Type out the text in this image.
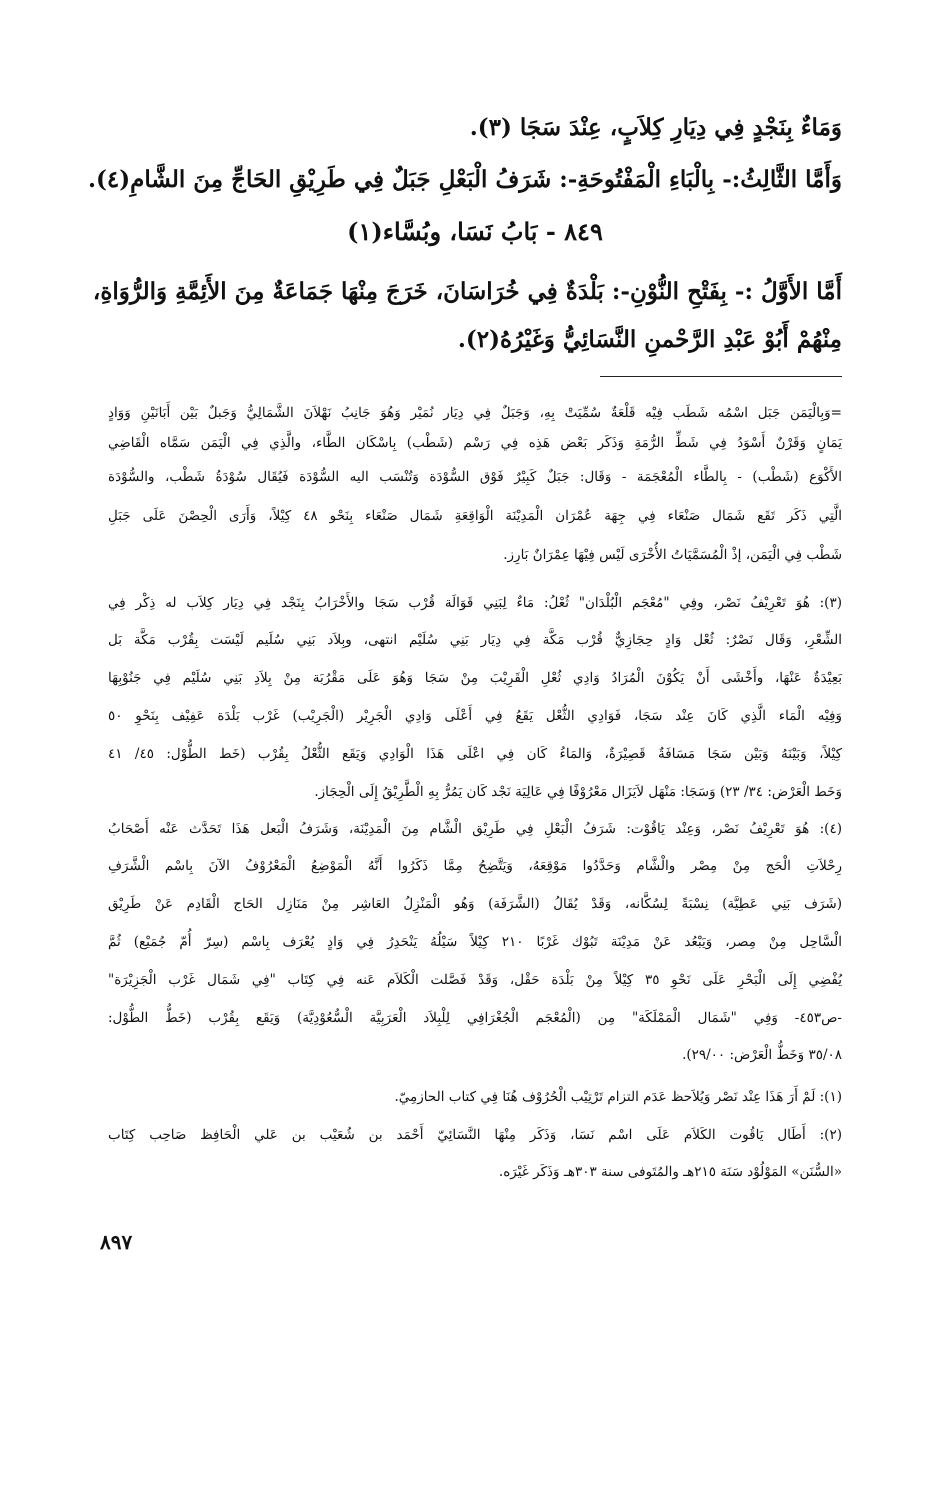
وَمَاءٌ بِنَجْدٍ فِي دِيَارِ كِلاَبٍ، عِنْدَ سَجَا (٣).
وَأَمَّا الثَّالِثُ:- بِالْبَاءِ الْمَفْتُوحَةِ-: شَرَفُ الْبَعْلِ جَبَلٌ فِي طَرِيْقِ الحَاجِّ مِنَ الشَّامِ(٤).
٨٤٩ - بَابُ نَسَا، وبُسَّاء(١)
أَمَّا الأَوَّلُ :- بِفَتْحِ النُّوْنِ-: بَلْدَةٌ فِي خُرَاسَانَ، خَرَجَ مِنْهَا جَمَاعَةٌ مِنَ الأَئِمَّةِ وَالرُّوَاةِ،
مِنْهُمْ أَبُوْ عَبْدِ الرَّحْمنِ النَّسَائِيُّ وَغَيْرُهُ(٢).
=وَبِالْيَمَن جَبَل اسْمُه شَطَب فِيْه قَلْعَةٌ سُمِّيَتْ بِهِ، وَجَبَلٌ فِي دِيَار نُمَيْر وَهُوَ جَانِبُ نَهْلاَنَ الشَّمَالِيُّ وَجَبلٌ بَيْن أَبَانَيْنِ وَوَادٍ
يَمَانٍ وَقَرْنٌ أَسْوَدُ فِي شَطِّ الرُّمَةِ وَذَكَر بَعْض هَذِه فِي رَسْم (شَطْب) بِاسْكَان الطَّاء، والَّذِي فِي الْيَمَن سَمَّاه الْقَاضِي
الأَكْوَع (شَطْب) - بِالطَّاء الْمُعْجَمَة - وَقَال: جَبَلٌ كَبِيْرٌ فَوْق السُّوْدَة وَتُنْسَب اليه السُّوْدَة فَيُقَال سُوْدَةُ شَطْب، والسُّوْدَة
الَّتِي ذَكَر تَقَع شَمَال صَنْعَاء فِي جِهَة عُمْرَان الْمَدِيْنَة الْوَاقِعَةِ شَمَال صَنْعَاء بِنَحْو ٤٨ كِيْلاً، وَأَرَى الْحِصْنَ عَلَى جَبَلِ
شَطْب فِي الْيَمَن، إذْ الْمُسَمَّيَاتُ الأُخْرَى لَيْس فِيْهَا عِمْرَانٌ بَارِز.
(٣): هُوَ تَعْرِيْفُ نَصْر، وفِي "مُعْجَم الْبُلْدَان" ثُعْلُ: مَاءٌ لِبَنِي قَوَالَة قُرْب سَجَا والأَخْرَابُ بِنَجْد فِي دِيَار كِلاَب له ذِكْر فِي
الشِّعْرِ، وَقَال نَصْرٌ: ثُعْل وَادٍ حِجَازِيٌّ قُرْب مَكَّة فِي دِيَار بَنِي سُلَيْم انتهى، وبِلاَد بَنِي سُلَيم لَيْسَت بِقُرْب مَكَّة بَل
بَعِيْدَةٌ عَنْهَا، وأَخْشَى أَنْ يَكُوْنَ الْمُرَادُ وَادِي ثُعْلِ الْقَرِيْبَ مِنْ سَجَا وَهُوَ عَلَى مَقْرُبَة مِنْ بِلاَدِ بَنِي سُلَيْم فِي جَنُوْبِهَا
وَفِيْه الْمَاء الَّذِي كَانَ عِنْد سَجَا، فَوَادِي الثُّعْل يَقَعُ فِي أَعْلَى وَادِي الْجَرِيْر (الْجَرِيْب) غَرْب بَلْدَة عَفِيْف بِنَحْوِ ٥٠
كِيْلاً، وَبَيْنَهُ وَبَيْن سَجَا مَسَافَةٌ قَصِيْرَةٌ، وَالمَاءُ كَان فِي اعْلَى هَذَا الْوَادِي وَيَقَع الثُّعْلُ بِقُرْب (خَط الطُّوْل: ٤٥/ ٤١
وَخَط الْعَرْض: ٣٤/ ٢٣) وَسَجَا: مَنْهَل لاَيَزَال مَعْرُوْفًا فِي عَالِيَة نَجْد كَان يَمُرُّ بِهِ الْطَّرِيْقُ إِلَى الْحِجَاز.
(٤): هُوَ تَعْرِيْفُ نَصْر، وَعِنْد يَاقُوْت: شَرَفُ الْبَعْلِ فِي طَرِيْق الْشَّام مِنَ الْمَدِيْنَة، وَشَرَفُ الْبَعل هَذَا تَحَدَّث عَنْه أَصْحَابُ
رِحْلاَتِ الْحَج مِنْ مِصْر والْشَّام وَحَدَّدُوا مَوْقِعَهُ، وَيَتَّضِحُ مِمَّا ذَكَرُوا أَنَّهُ الْمَوْضِعُ الْمَعْرُوْفُ الآنَ بِاسْم الْشَّرَفِ
(شَرَف بَنِي عَطِيَّة) نِسْبَةً لِسُكَّانه، وَقَدْ يُقَالُ (الشَّرَفَة) وَهُو الْمَنْزِلُ العَاشِر مِنْ مَنَازِل الحَاج الْقَادِم عَنْ طَرِيْق
الْسَّاحِل مِنْ مِصر، وَيَبْعُد عَنْ مَدِيْنَة تَبُوْك غَرْبًا ٢١٠ كِيْلاً سَيْلُهُ يَنْحَدِرُ فِي وَادٍ يُعْرَف بِاسْم (سِرّ أُمّ جُمَيْع) ثُمَّ
يُفْضِي إِلَى الْبَحْرِ عَلَى نَحْوِ ٣٥ كِيْلاً مِنْ بَلْدَة حَقْل، وَقَدْ فَصَّلت الْكَلاَم عَنه فِي كِتَاب "فِي شَمَال غَرْب الْجَزِيْرَة"
-ص٤٥٣- وَفِي "شَمَال الْمَمْلَكَة" مِن (الْمُعْجَم الْجُغْرَافِي لِلْبِلاَد الْعَرَبِيَّة الْسُّعُوْدِيَّة) وَيَقَع بِقُرْب (خَطُّ الطُّوْل:
٣٥/٠٨ وَخَطُّ الْعَرْض: ٢٩/٠٠).
(١): لَمْ أَرَ هَذَا عِنْد نَصْر وَيُلاَحظ عَدَم التزام تَرْتِيْب الْحُرُوْف هُنَا فِي كتاب الحازمِيّ.
(٢): أَطَال يَاقُوت الكَلاَم عَلَى اسْم نَسَا، وَذَكَر مِنْهَا النَّسَائِيّ أَحْمَد بن شُعَيْب بن عَلي الْحَافِظ صَاحِب كِتَاب
«السُّنَن» المَوْلُوْد سَنَة ٢١٥هـ والمُتَوفى سنة ٣٠٣هـ وَذَكَر غَيْرَه.
٨٩٧
